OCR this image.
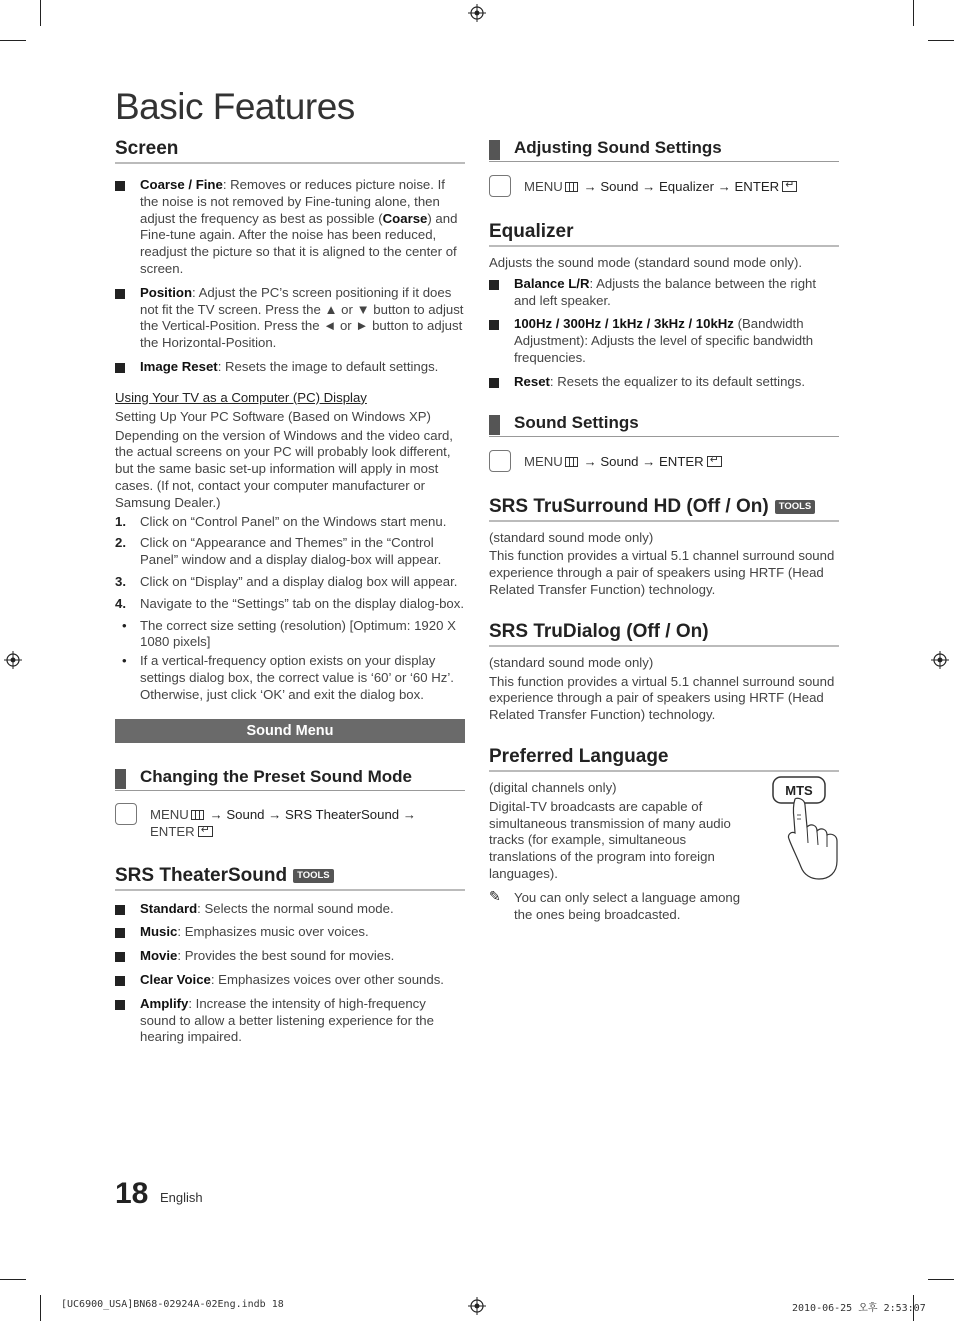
Basic Features
Screen
Coarse / Fine: Removes or reduces picture noise. If the noise is not removed by Fine-tuning alone, then adjust the frequency as best as possible (Coarse) and Fine-tune again. After the noise has been reduced, readjust the picture so that it is aligned to the center of screen.
Position: Adjust the PC’s screen positioning if it does not fit the TV screen. Press the ▲ or ▼ button to adjust the Vertical-Position. Press the ◄ or ► button to adjust the Horizontal-Position.
Image Reset: Resets the image to default settings.
Using Your TV as a Computer (PC) Display
Setting Up Your PC Software (Based on Windows XP)
Depending on the version of Windows and the video card, the actual screens on your PC will probably look different, but the same basic set-up information will apply in most cases. (If not, contact your computer manufacturer or Samsung Dealer.)
1. Click on “Control Panel” on the Windows start menu.
2. Click on “Appearance and Themes” in the “Control Panel” window and a display dialog-box will appear.
3. Click on “Display” and a display dialog box will appear.
4. Navigate to the “Settings” tab on the display dialog-box.
• The correct size setting (resolution) [Optimum: 1920 X 1080 pixels]
• If a vertical-frequency option exists on your display settings dialog box, the correct value is ‘60’ or ‘60 Hz’. Otherwise, just click ‘OK’ and exit the dialog box.
Sound Menu
Changing the Preset Sound Mode
MENU → Sound → SRS TheaterSound →
ENTER↵
SRS TheaterSound TOOLS
Standard: Selects the normal sound mode.
Music: Emphasizes music over voices.
Movie: Provides the best sound for movies.
Clear Voice: Emphasizes voices over other sounds.
Amplify: Increase the intensity of high-frequency sound to allow a better listening experience for the hearing impaired.
Adjusting Sound Settings
MENU → Sound → Equalizer → ENTER↵
Equalizer
Adjusts the sound mode (standard sound mode only).
Balance L/R: Adjusts the balance between the right and left speaker.
100Hz / 300Hz / 1kHz / 3kHz / 10kHz (Bandwidth Adjustment): Adjusts the level of specific bandwidth frequencies.
Reset: Resets the equalizer to its default settings.
Sound Settings
MENU → Sound → ENTER↵
SRS TruSurround HD (Off / On) TOOLS
(standard sound mode only)
This function provides a virtual 5.1 channel surround sound experience through a pair of speakers using HRTF (Head Related Transfer Function) technology.
SRS TruDialog (Off / On)
(standard sound mode only)
This function provides a virtual 5.1 channel surround sound experience through a pair of speakers using HRTF (Head Related Transfer Function) technology.
Preferred Language
(digital channels only)
Digital-TV broadcasts are capable of simultaneous transmission of many audio tracks (for example, simultaneous translations of the program into foreign languages).
✎ You can only select a language among the ones being broadcasted.
MTS
18 English
[UC6900_USA]BN68-02924A-02Eng.indb 18	2010-06-25 오후 2:53:07
